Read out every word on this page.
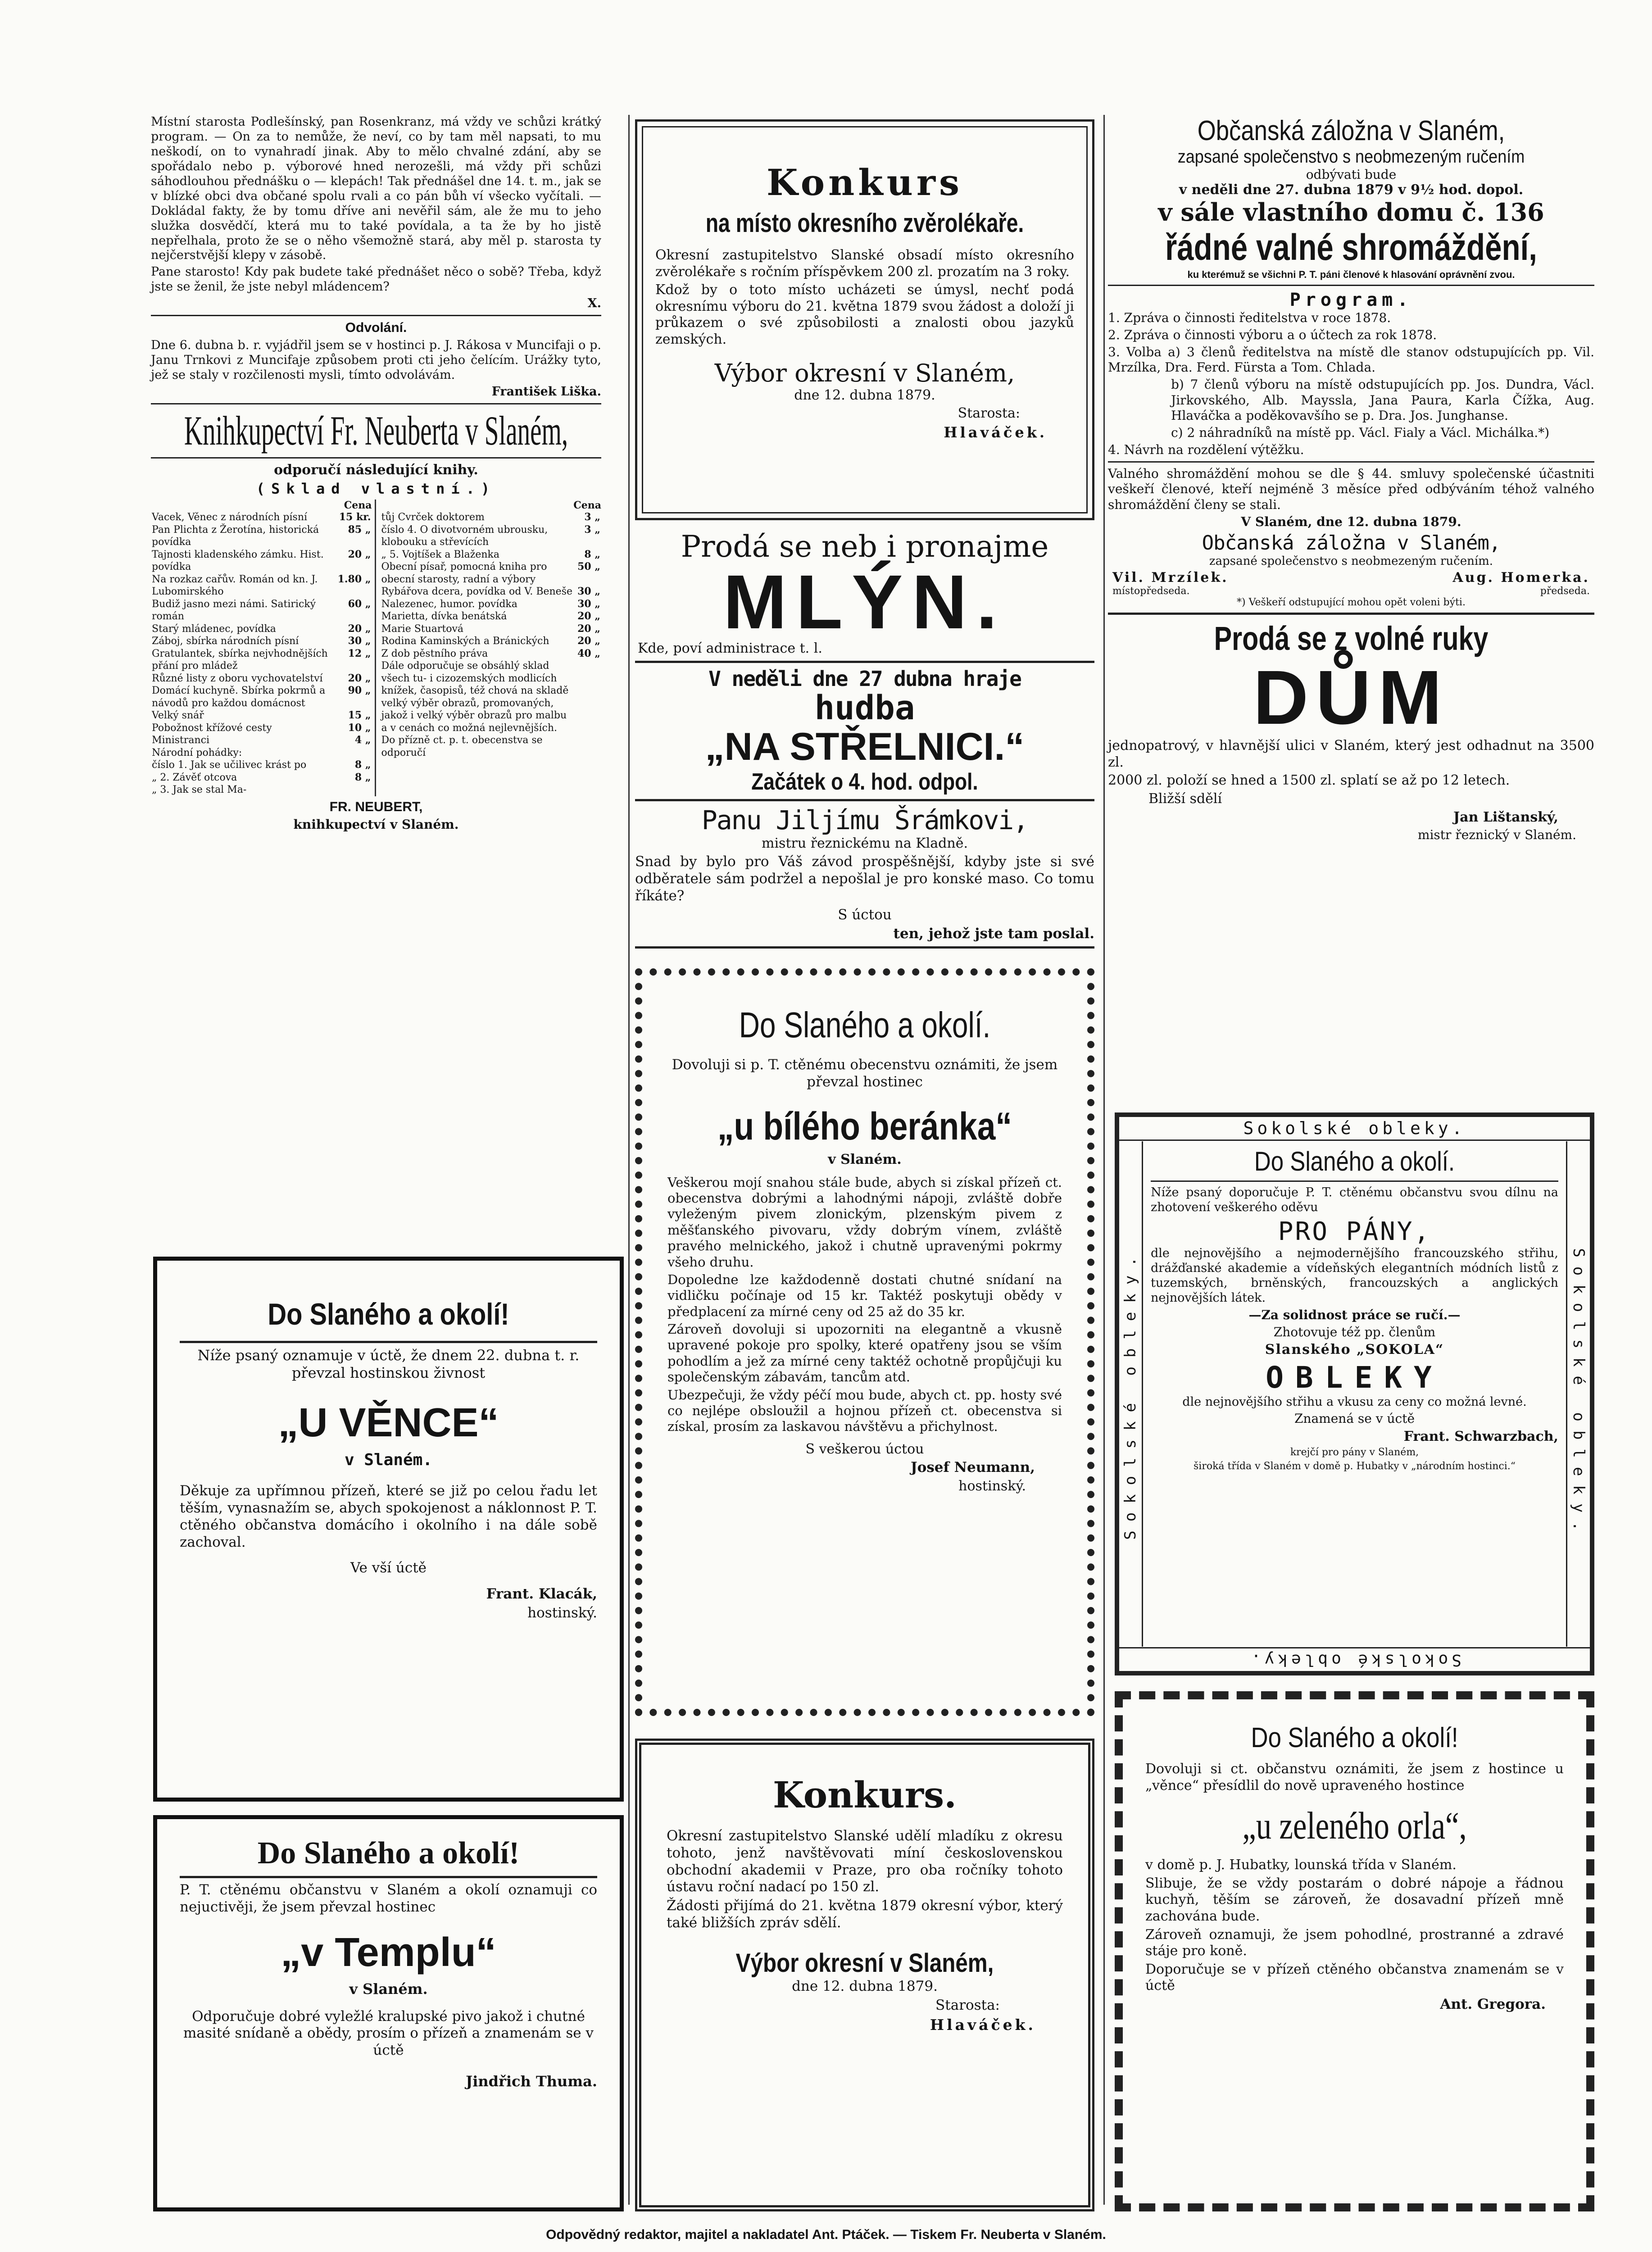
Místní starosta Podlešínský, pan Rosenkranz, má vždy ve schůzi krátký program. — On za to nemůže, že neví, co by tam měl napsati, to mu neškodí, on to vynahradí jinak. Aby to mělo chvalné zdání, aby se spořádalo nebo p. výborové hned nerozešli, má vždy při schůzi sáhodlouhou přednášku o — klepách! Tak přednášel dne 14. t. m., jak se v blízké obci dva občané spolu rvali a co pán bůh ví všecko vyčítali. — Dokládal fakty, že by tomu dříve ani nevěřil sám, ale že mu to jeho služka dosvědčí, která mu to také povídala, a ta že by ho jistě nepřelhala, proto že se o něho všemožně stará, aby měl p. starosta ty nejčerstvější klepy v zásobě.

Pane starosto! Kdy pak budete také přednášet něco o sobě? Třeba, když jste se ženil, že jste nebyl mládencem?

X.

Odvolání.

Dne 6. dubna b. r. vyjádřil jsem se v hostinci p. J. Rákosa v Muncifaji o p. Janu Trnkovi z Muncifaje způsobem proti cti jeho čelícím. Urážky tyto, jež se staly v rozčilenosti mysli, tímto odvolávám.

František Liška.

Knihkupectví Fr. Neuberta v Slaném,

odporučí následující knihy.

(Sklad vlastní.)

Cena
Vacek, Věnec z národních písní	15 kr.
Pan Plichta z Žerotína, historická povídka	85 „
Tajnosti kladenského zámku. Hist. povídka	20 „
Na rozkaz cařův. Román od kn. J. Lubomirského	1.80 „
Budiž jasno mezi námi. Satirický román	60 „
Starý mládenec, povídka	20 „
Záboj, sbírka národních písní	30 „
Gratulantek, sbírka nejvhodnějších přání pro mládež	12 „
Různé listy z oboru vychovatelství	20 „
Domácí kuchyně. Sbírka pokrmů a návodů pro každou domácnost	90 „
Velký snář	15 „
Pobožnost křížové cesty	10 „
Ministranci	4 „
Národní pohádky:	
číslo 1. Jak se učilivec krást po	8 „
„ 2. Závěť otcova	8 „
„ 3. Jak se stal Ma-	
Cena
tůj Cvrček doktorem	3 „
číslo 4. O divotvorném ubrousku, klobouku a střevících	3 „
„ 5. Vojtíšek a Blaženka	8 „
Obecní písař, pomocná kniha pro obecní starosty, radní a výbory	50 „
Rybářova dcera, povídka od V. Beneše	30 „
Nalezenec, humor. povídka	30 „
Marietta, dívka benátská	20 „
Marie Stuartová	20 „
Rodina Kaminských a Bránických	20 „
Z dob pěstního práva	40 „
Dále odporučuje se obsáhlý sklad všech tu- i cizozemských modlicích knížek, časopisů, též chová na skladě velký výběr obrazů, promovaných, jakož i velký výběr obrazů pro malbu a v cenách co možná nejlevnějších.	
Do přízně ct. p. t. obecenstva se odporučí	

FR. NEUBERT,

knihkupectví v Slaném.

Do Slaného a okolí!

Níže psaný oznamuje v úctě, že dnem 22. dubna t. r. převzal hostinskou živnost

„U VĚNCE“
v Slaném.

Děkuje za upřímnou přízeň, které se již po celou řadu let těším, vynasnažím se, abych spokojenost a náklonnost P. T. ctěného občanstva domácího i okolního i na dále sobě zachoval.

Ve vší úctě

Frant. Klacák,

hostinský.

Do Slaného a okolí!

P. T. ctěnému občanstvu v Slaném a okolí oznamuji co nejuctivěji, že jsem převzal hostinec

„v Templu“
v Slaném.

Odporučuje dobré vyležlé kralupské pivo jakož i chutné masité snídaně a obědy, prosím o přízeň a znamenám se v úctě

Jindřich Thuma.

Konkurs
na místo okresního zvěrolékaře.

Okresní zastupitelstvo Slanské obsadí místo okresního zvěrolékaře s ročním příspěvkem 200 zl. prozatím na 3 roky.

Kdož by o toto místo ucházeti se úmysl, nechť podá okresnímu výboru do 21. května 1879 svou žádost a doloží ji průkazem o své způsobilosti a znalosti obou jazyků zemských.

Výbor okresní v Slaném,

dne 12. dubna 1879.

Starosta:

Hlaváček.

Prodá se neb i pronajme
MLÝN.

Kde, poví administrace t. l.

V neděli dne 27 dubna hraje
hudba
„NA STŘELNICI.“
Začátek o 4. hod. odpol.
Panu Jiljímu Šrámkovi,

mistru řeznickému na Kladně.

Snad by bylo pro Váš závod prospěšnější, kdyby jste si své odběratele sám podržel a nepošlal je pro konské maso. Co tomu říkáte?

S úctou

ten, jehož jste tam poslal.

Do Slaného a okolí.

Dovoluji si p. T. ctěnému obecenstvu oznámiti, že jsem převzal hostinec

„u bílého beránka“
v Slaném.

Veškerou mojí snahou stále bude, abych si získal přízeň ct. obecenstva dobrými a lahodnými nápoji, zvláště dobře vyleženým pivem zlonickým, plzenským pivem z měšťanského pivovaru, vždy dobrým vínem, zvláště pravého melnického, jakož i chutně upravenými pokrmy všeho druhu.

Dopoledne lze každodenně dostati chutné snídaní na vidličku počínaje od 15 kr. Taktéž poskytuji obědy v předplacení za mírné ceny od 25 až do 35 kr.

Zároveň dovoluji si upozorniti na elegantně a vkusně upravené pokoje pro spolky, které opatřeny jsou se vším pohodlím a jež za mírné ceny taktéž ochotně propůjčuji ku společenským zábavám, tancům atd.

Ubezpečuji, že vždy péčí mou bude, abych ct. pp. hosty své co nejlépe obsloužil a hojnou přízeň ct. obecenstva si získal, prosím za laskavou návštěvu a přichylnost.

S veškerou úctou

Josef Neumann,

hostinský.

Konkurs.

Okresní zastupitelstvo Slanské udělí mladíku z okresu tohoto, jenž navštěvovati míní československou obchodní akademii v Praze, pro oba ročníky tohoto ústavu roční nadací po 150 zl.

Žádosti přijímá do 21. května 1879 okresní výbor, který také bližších zpráv sdělí.

Výbor okresní v Slaném,

dne 12. dubna 1879.

Starosta:

Hlaváček.

Občanská záložna v Slaném,
zapsané společenstvo s neobmezeným ručením
odbývati bude
v neděli dne 27. dubna 1879 v 9½ hod. dopol.
v sále vlastního domu č. 136
řádné valné shromáždění,

ku kterémuž se všichni P. T. páni členové k hlasování oprávnění zvou.

Program.

1. Zpráva o činnosti ředitelstva v roce 1878.

2. Zpráva o činnosti výboru a o účtech za rok 1878.

3. Volba a) 3 členů ředitelstva na místě dle stanov odstupujících pp. Vil. Mrzílka, Dra. Ferd. Fürsta a Tom. Chlada.

b) 7 členů výboru na místě odstupujících pp. Jos. Dundra, Václ. Jirkovského, Alb. Mayssla, Jana Paura, Karla Čížka, Aug. Hlaváčka a poděkovavšího se p. Dra. Jos. Junghanse.

c) 2 náhradníků na místě pp. Václ. Fialy a Václ. Michálka.*)

4. Návrh na rozdělení výtěžku.

Valného shromáždění mohou se dle § 44. smluvy společenské účastniti veškeří členové, kteří nejméně 3 měsíce před odbýváním téhož valného shromáždění členy se stali.

V Slaném, dne 12. dubna 1879.

Občanská záložna v Slaném,
zapsané společenstvo s neobmezeným ručením.
Vil. Mrzílek.
místopředseda.
Aug. Homerka.
předseda.

*) Veškeří odstupující mohou opět voleni býti.

Prodá se z volné ruky
DŮM

jednopatrový, v hlavnější ulici v Slaném, který jest odhadnut na 3500 zl.

2000 zl. položí se hned a 1500 zl. splatí se až po 12 letech.

Bližší sdělí

Jan Lištanský,

mistr řeznický v Slaném.

Sokolské obleky.
Sokolské obleky.	Sokolské obleky.
Sokolské obleky.
Do Slaného a okolí.

Níže psaný doporučuje P. T. ctěnému občanstvu svou dílnu na zhotovení veškerého oděvu

PRO PÁNY,

dle nejnovějšího a nejmodernějšího francouzského střihu, drážďanské akademie a vídeňských elegantních módních listů z tuzemských, brněnských, francouzských a anglických nejnovějších látek.

—Za solidnost práce se ručí.—

Zhotovuje též pp. členům

Slanského „SOKOLA“

OBLEKY

dle nejnovějšího střihu a vkusu za ceny co možná levné.

Znamená se v úctě

Frant. Schwarzbach,

krejčí pro pány v Slaném,

široká třída v Slaném v domě p. Hubatky v „národním hostinci.“

Do Slaného a okolí!

Dovoluji si ct. občanstvu oznámiti, že jsem z hostince u „věnce“ přesídlil do nově upraveného hostince

„u zeleného orla“,

v domě p. J. Hubatky, lounská třída v Slaném.

Slibuje, že se vždy postarám o dobré nápoje a řádnou kuchyň, těším se zároveň, že dosavadní přízeň mně zachována bude.

Zároveň oznamuji, že jsem pohodlné, prostranné a zdravé stáje pro koně.

Doporučuje se v přízeň ctěného občanstva znamenám se v úctě

Ant. Gregora.

Odpovědný redaktor, majitel a nakladatel Ant. Ptáček. — Tiskem Fr. Neuberta v Slaném.
